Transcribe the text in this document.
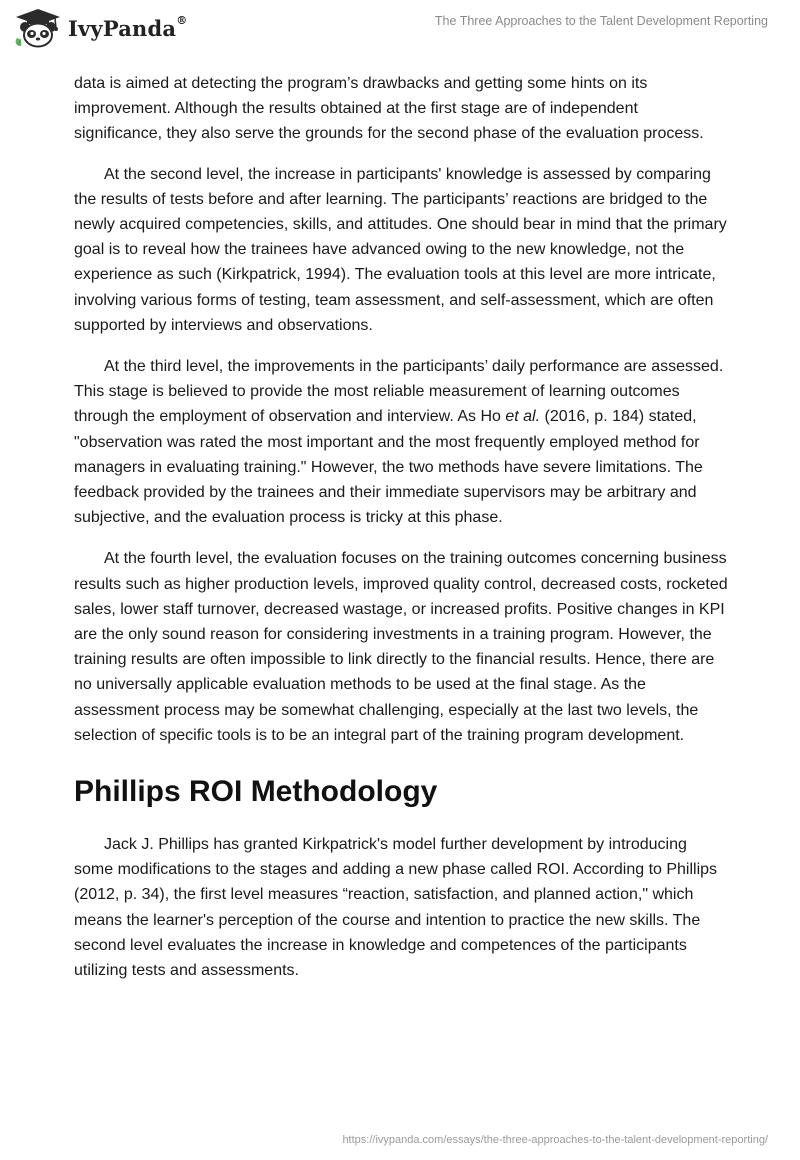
IvyPanda®	The Three Approaches to the Talent Development Reporting

data is aimed at detecting the program’s drawbacks and getting some hints on its improvement. Although the results obtained at the first stage are of independent significance, they also serve the grounds for the second phase of the evaluation process.

At the second level, the increase in participants' knowledge is assessed by comparing the results of tests before and after learning. The participants’ reactions are bridged to the newly acquired competencies, skills, and attitudes. One should bear in mind that the primary goal is to reveal how the trainees have advanced owing to the new knowledge, not the experience as such (Kirkpatrick, 1994). The evaluation tools at this level are more intricate, involving various forms of testing, team assessment, and self-assessment, which are often supported by interviews and observations.

At the third level, the improvements in the participants’ daily performance are assessed. This stage is believed to provide the most reliable measurement of learning outcomes through the employment of observation and interview. As Ho et al. (2016, p. 184) stated, "observation was rated the most important and the most frequently employed method for managers in evaluating training." However, the two methods have severe limitations. The feedback provided by the trainees and their immediate supervisors may be arbitrary and subjective, and the evaluation process is tricky at this phase.

At the fourth level, the evaluation focuses on the training outcomes concerning business results such as higher production levels, improved quality control, decreased costs, rocketed sales, lower staff turnover, decreased wastage, or increased profits. Positive changes in KPI are the only sound reason for considering investments in a training program. However, the training results are often impossible to link directly to the financial results. Hence, there are no universally applicable evaluation methods to be used at the final stage. As the assessment process may be somewhat challenging, especially at the last two levels, the selection of specific tools is to be an integral part of the training program development.

Phillips ROI Methodology

Jack J. Phillips has granted Kirkpatrick's model further development by introducing some modifications to the stages and adding a new phase called ROI. According to Phillips (2012, p. 34), the first level measures “reaction, satisfaction, and planned action," which means the learner's perception of the course and intention to practice the new skills. The second level evaluates the increase in knowledge and competences of the participants utilizing tests and assessments.

https://ivypanda.com/essays/the-three-approaches-to-the-talent-development-reporting/
